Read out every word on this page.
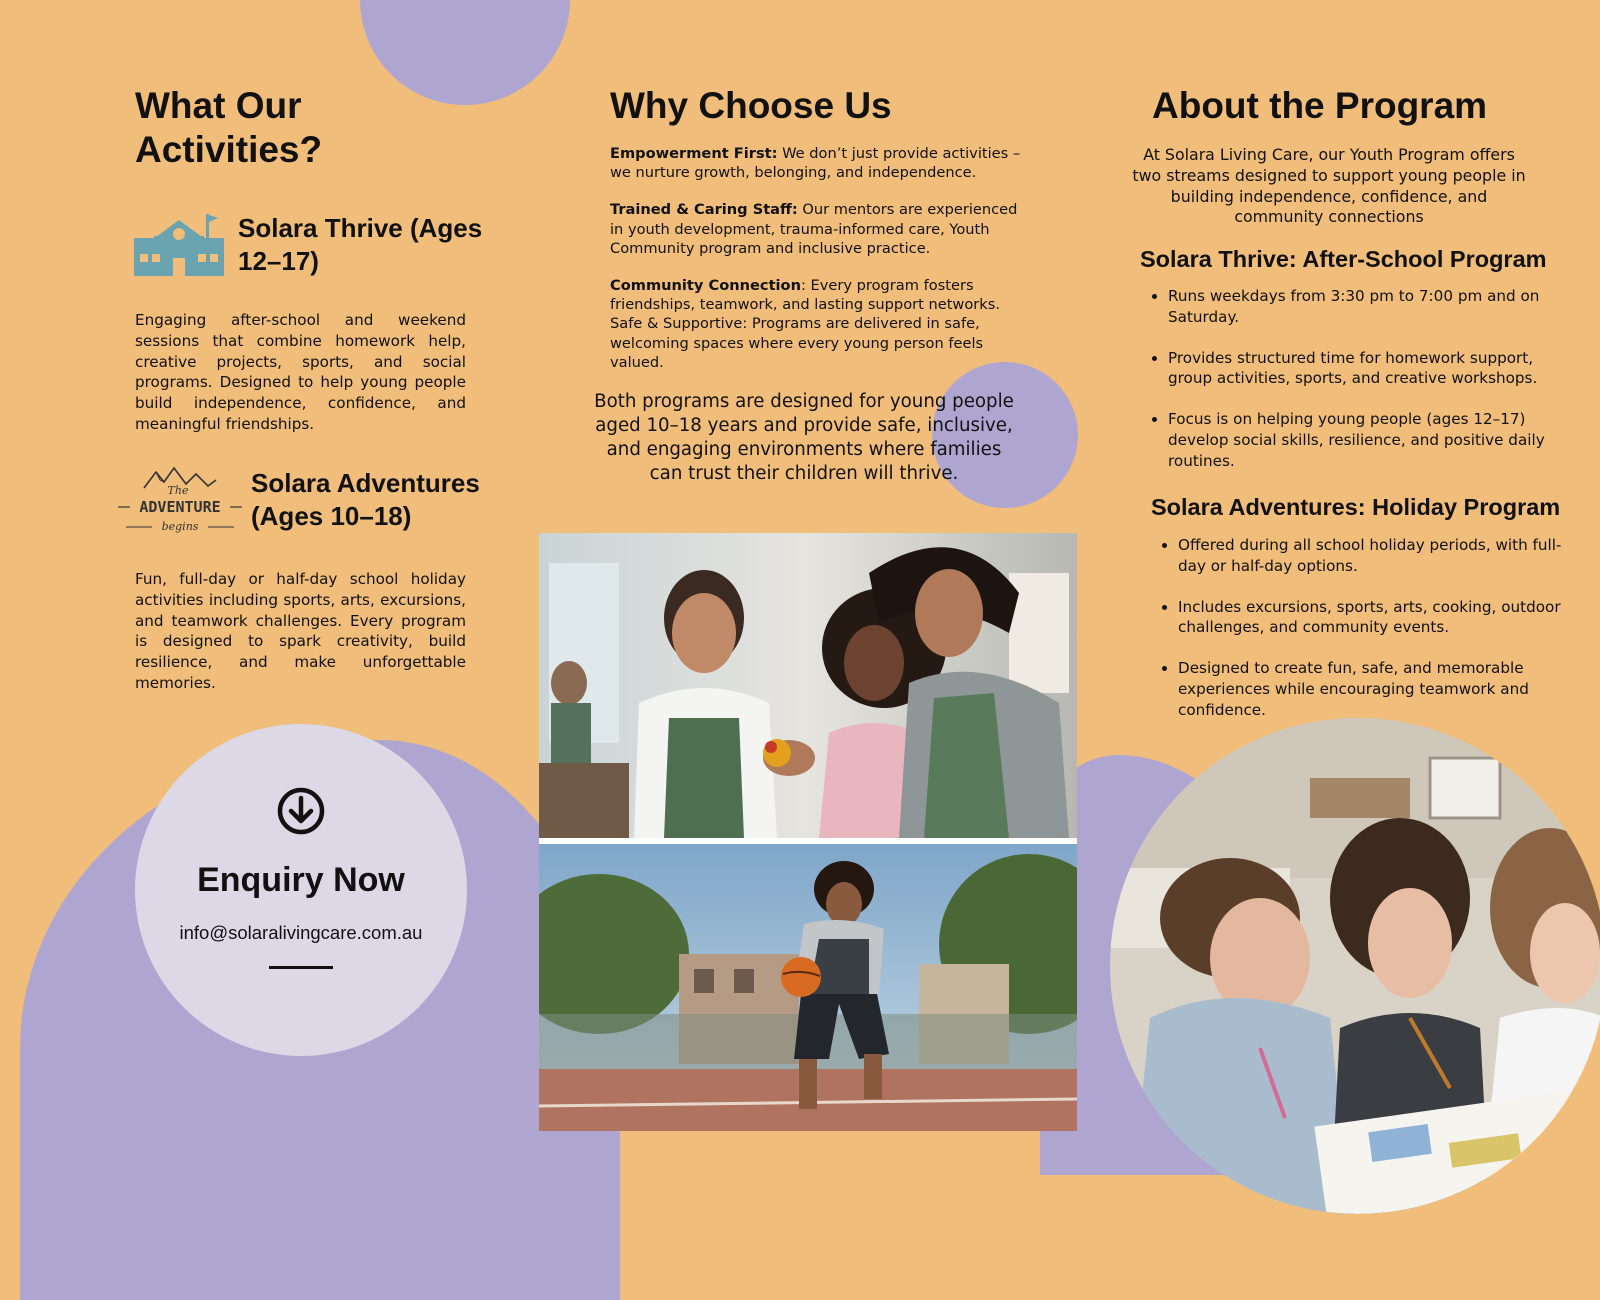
What Our Activities?
Solara Thrive (Ages 12–17)

Engaging after-school and weekend sessions that combine homework help, creative projects, sports, and social programs. Designed to help young people build independence, confidence, and meaningful friendships.

The
ADVENTURE
begins
Solara Adventures (Ages 10–18)

Fun, full-day or half-day school holiday activities including sports, arts, excursions, and teamwork challenges. Every program is designed to spark creativity, build resilience, and make unforgettable memories.

Enquiry Now
info@solaralivingcare.com.au
Why Choose Us

Empowerment First: We don’t just provide activities – we nurture growth, belonging, and independence.

Trained & Caring Staff: Our mentors are experienced in youth development, trauma-informed care, Youth Community program and inclusive practice.

Community Connection: Every program fosters friendships, teamwork, and lasting support networks. Safe & Supportive: Programs are delivered in safe, welcoming spaces where every young person feels valued.

Both programs are designed for young people aged 10–18 years and provide safe, inclusive, and engaging environments where families can trust their children will thrive.

About the Program

At Solara Living Care, our Youth Program offers two streams designed to support young people in building independence, confidence, and community connections

Solara Thrive: After-School Program
• Runs weekdays from 3:30 pm to 7:00 pm and on Saturday.
• Provides structured time for homework support, group activities, sports, and creative workshops.
• Focus is on helping young people (ages 12–17) develop social skills, resilience, and positive daily routines.
Solara Adventures: Holiday Program
• Offered during all school holiday periods, with full-day or half-day options.
• Includes excursions, sports, arts, cooking, outdoor challenges, and community events.
• Designed to create fun, safe, and memorable experiences while encouraging teamwork and confidence.
